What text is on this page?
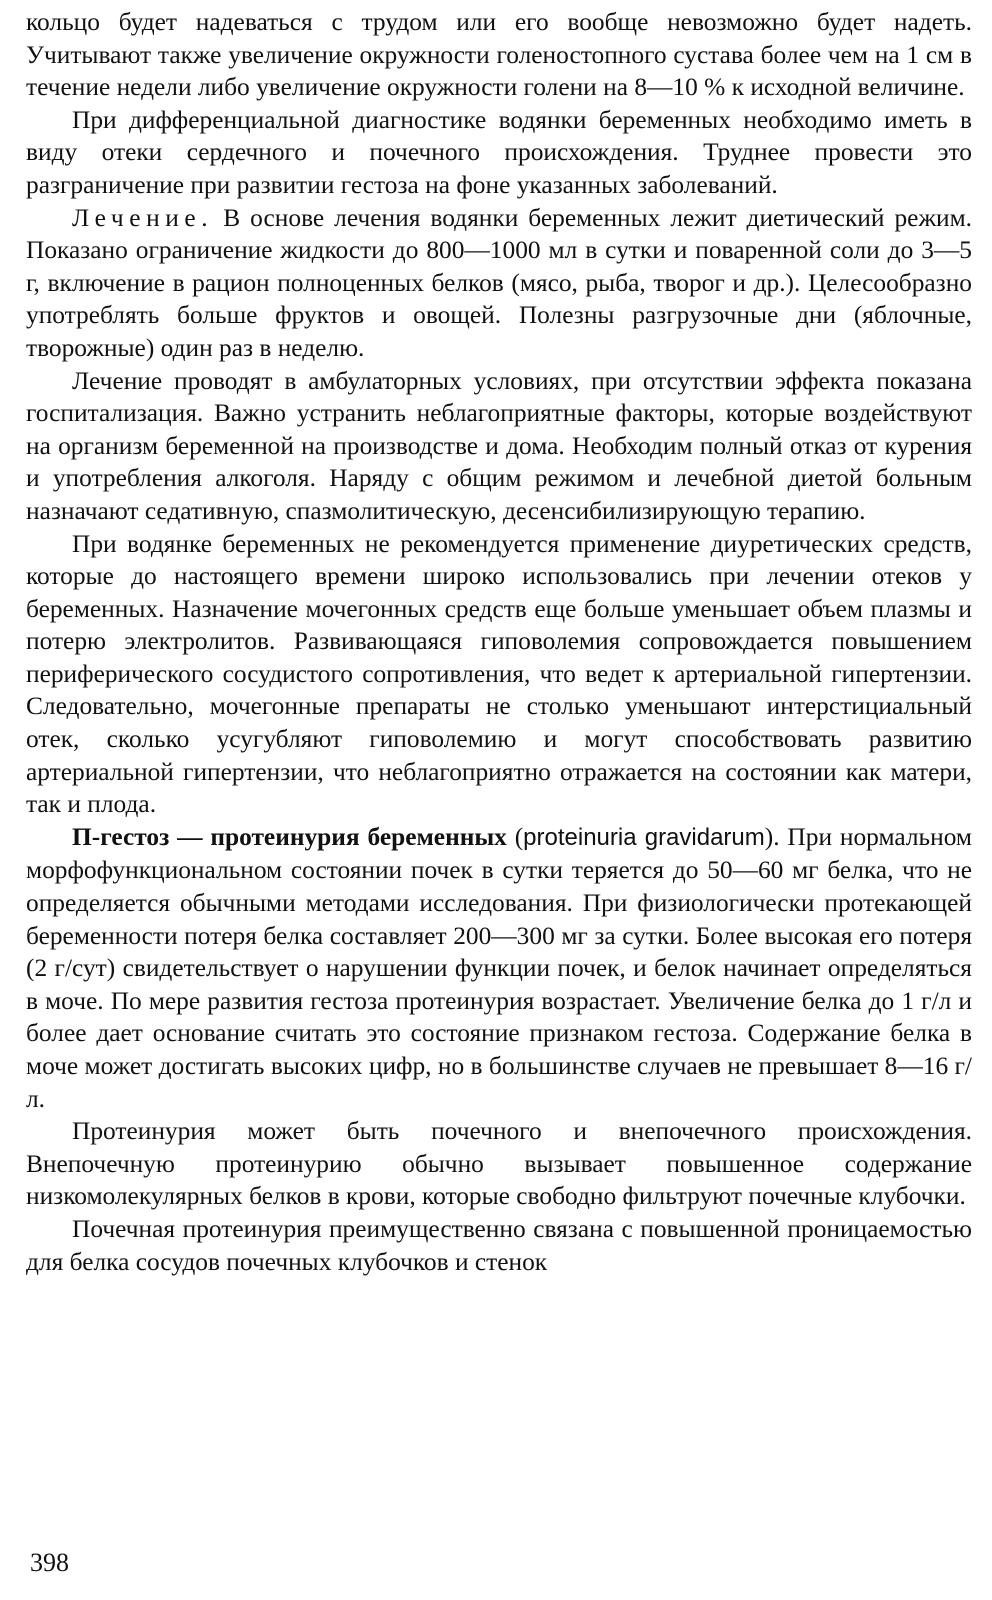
кольцо будет надеваться с трудом или его вообще невозможно будет надеть. Учитывают также увеличение окружности голеностопного сустава более чем на 1 см в течение недели либо увеличение окружности голени на 8—10 % к исходной величине.

При дифференциальной диагностике водянки беременных необходимо иметь в виду отеки сердечного и почечного происхождения. Труднее провести это разграничение при развитии гестоза на фоне указанных заболеваний.

Лечение. В основе лечения водянки беременных лежит диетический режим. Показано ограничение жидкости до 800—1000 мл в сутки и поваренной соли до 3—5 г, включение в рацион полноценных белков (мясо, рыба, творог и др.). Целесообразно употреблять больше фруктов и овощей. Полезны разгрузочные дни (яблочные, творожные) один раз в неделю.

Лечение проводят в амбулаторных условиях, при отсутствии эффекта показана госпитализация. Важно устранить неблагоприятные факторы, которые воздействуют на организм беременной на производстве и дома. Необходим полный отказ от курения и употребления алкоголя. Наряду с общим режимом и лечебной диетой больным назначают седативную, спазмолитическую, десенсибилизирующую терапию.

При водянке беременных не рекомендуется применение диуретических средств, которые до настоящего времени широко использовались при лечении отеков у беременных. Назначение мочегонных средств еще больше уменьшает объем плазмы и потерю электролитов. Развивающаяся гиповолемия сопровождается повышением периферического сосудистого сопротивления, что ведет к артериальной гипертензии. Следовательно, мочегонные препараты не столько уменьшают интерстициальный отек, сколько усугубляют гиповолемию и могут способствовать развитию артериальной гипертензии, что неблагоприятно отражается на состоянии как матери, так и плода.

П-гестоз — протеинурия беременных (proteinuria gravidarum). При нормальном морфофункциональном состоянии почек в сутки теряется до 50—60 мг белка, что не определяется обычными методами исследования. При физиологически протекающей беременности потеря белка составляет 200—300 мг за сутки. Более высокая его потеря (2 г/сут) свидетельствует о нарушении функции почек, и белок начинает определяться в моче. По мере развития гестоза протеинурия возрастает. Увеличение белка до 1 г/л и более дает основание считать это состояние признаком гестоза. Содержание белка в моче может достигать высоких цифр, но в большинстве случаев не превышает 8—16 г/л.

Протеинурия может быть почечного и внепочечного происхождения. Внепочечную протеинурию обычно вызывает повышенное содержание низкомолекулярных белков в крови, которые свободно фильтруют почечные клубочки.

Почечная протеинурия преимущественно связана с повышенной проницаемостью для белка сосудов почечных клубочков и стенок

398
